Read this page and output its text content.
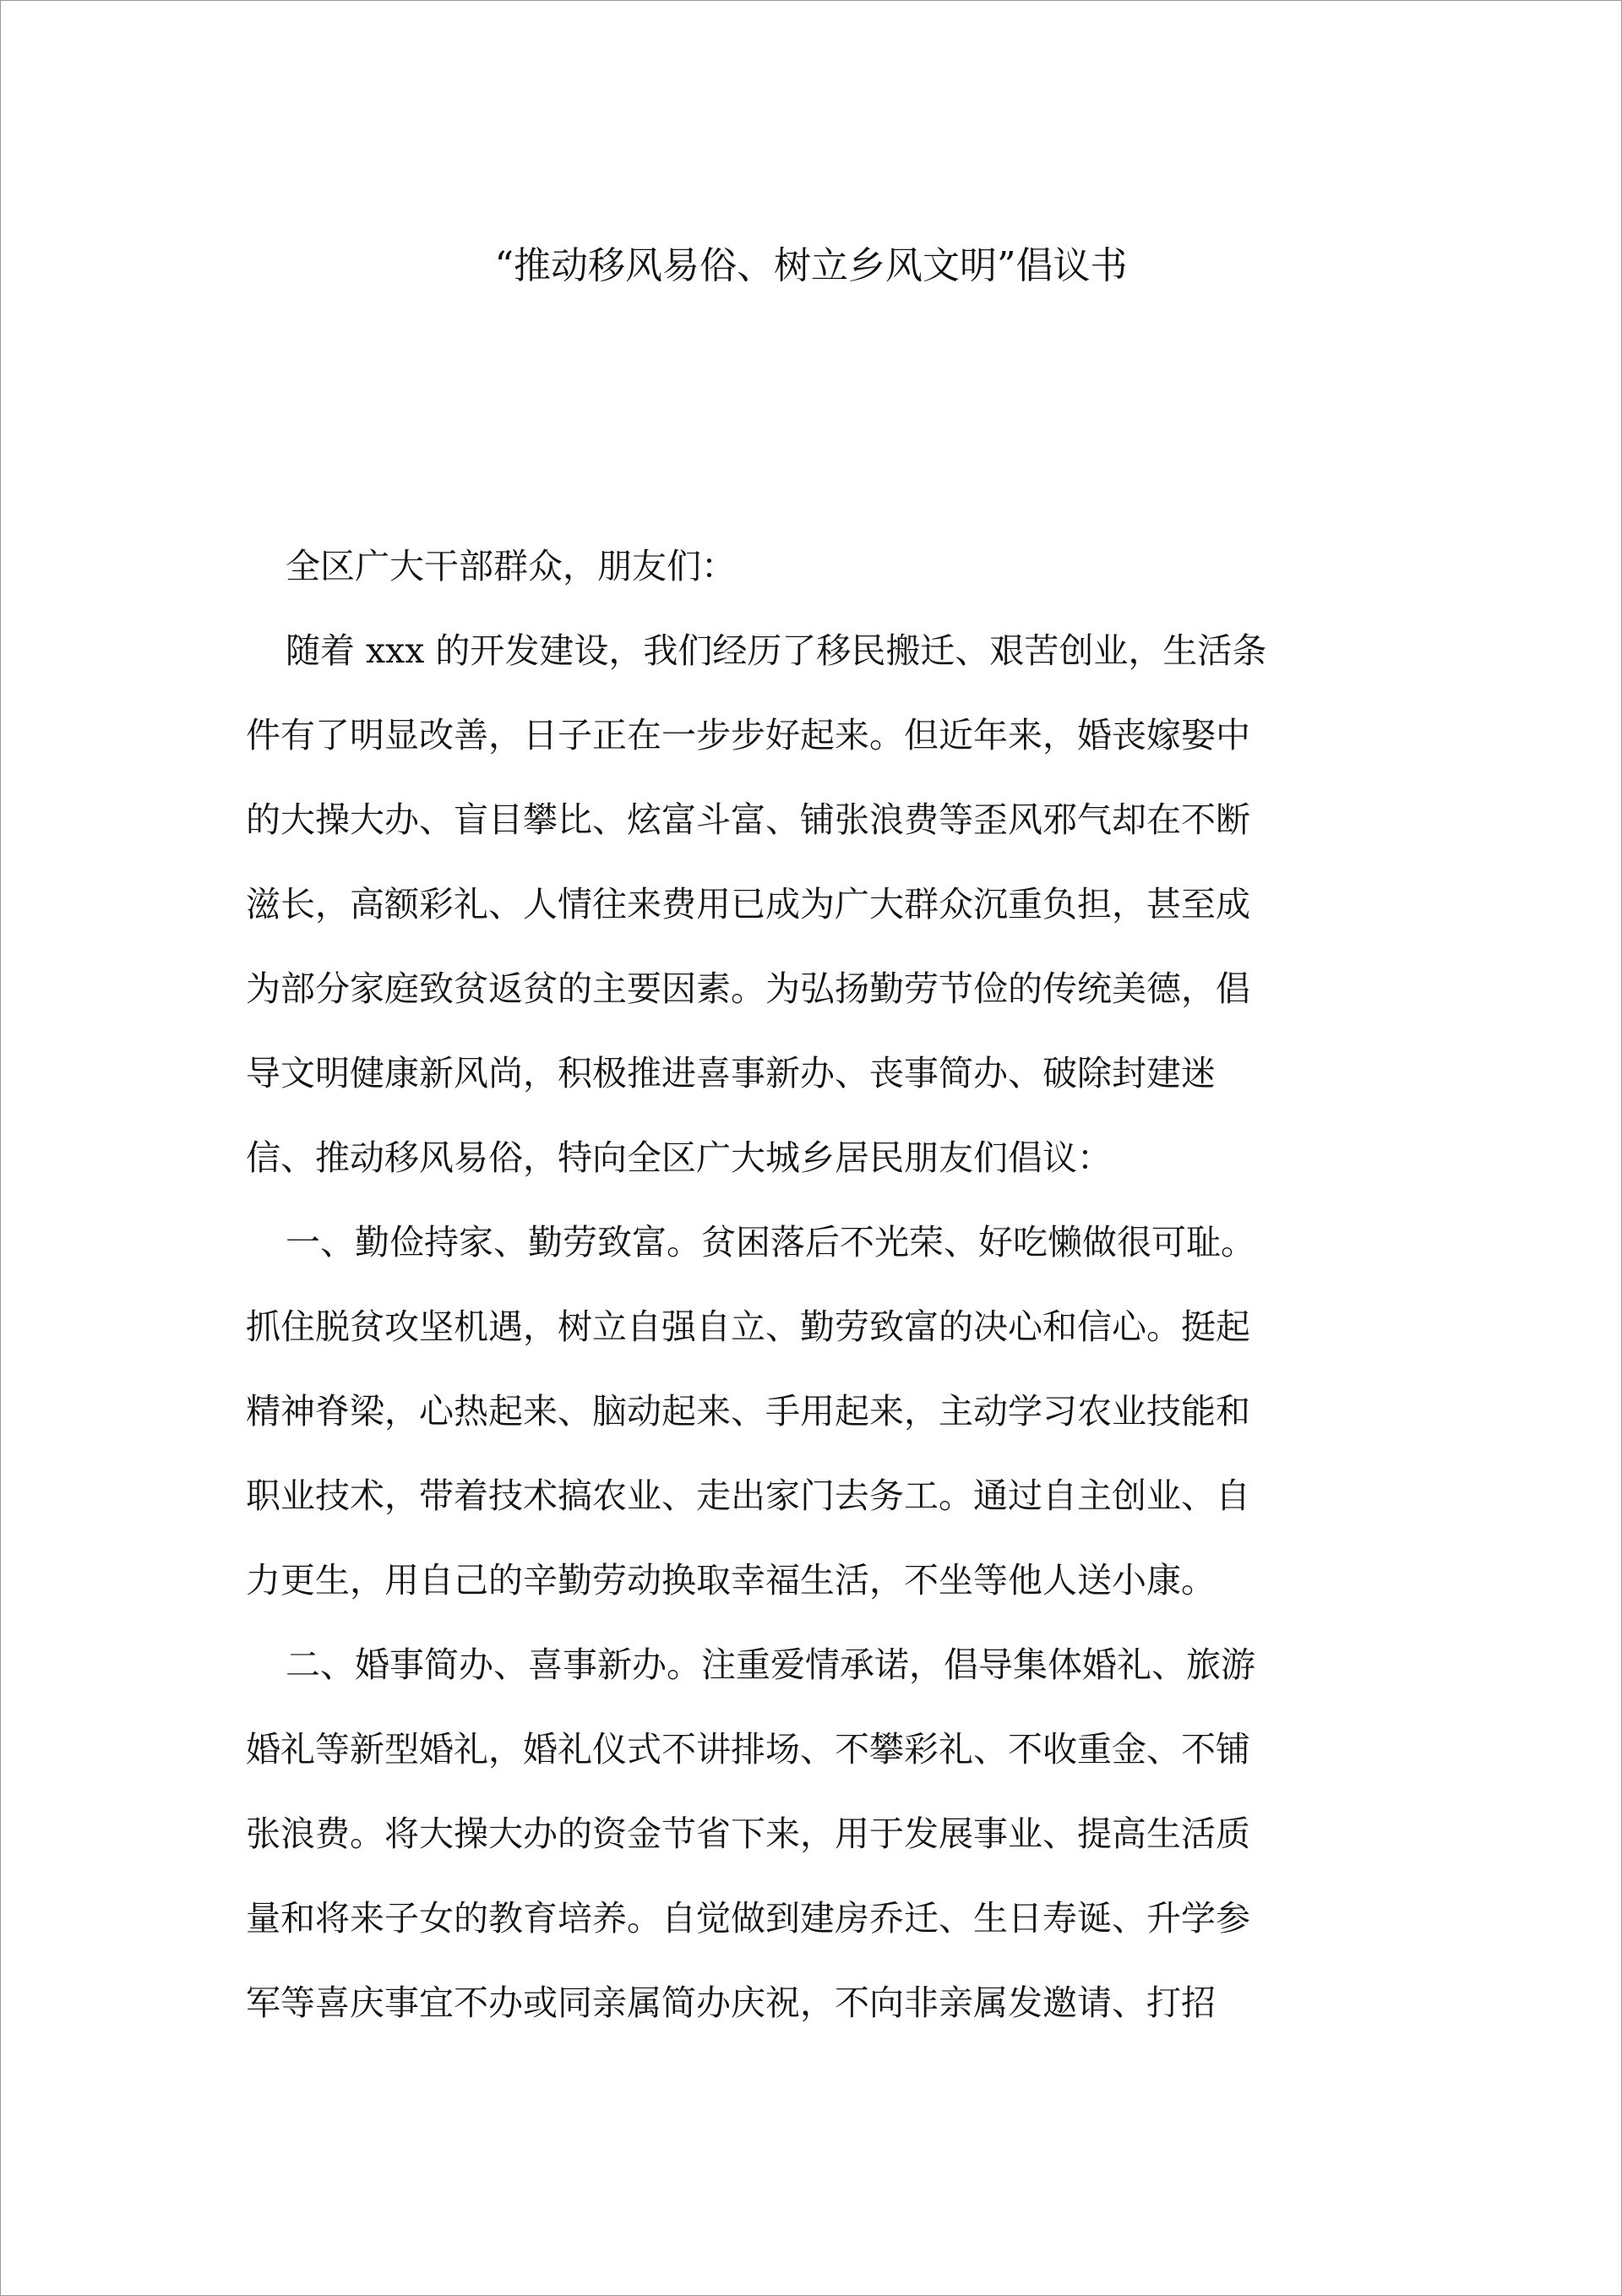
“推动移风易俗、树立乡风文明”倡议书
全区广大干部群众，朋友们：
随着 xxx 的开发建设，我们经历了移民搬迁、艰苦创业，生活条
件有了明显改善，日子正在一步步好起来。但近年来，婚丧嫁娶中
的大操大办、盲目攀比、炫富斗富、铺张浪费等歪风邪气却在不断
滋长，高额彩礼、人情往来费用已成为广大群众沉重负担，甚至成
为部分家庭致贫返贫的主要因素。为弘扬勤劳节俭的传统美德，倡
导文明健康新风尚，积极推进喜事新办、丧事简办、破除封建迷
信、推动移风易俗，特向全区广大城乡居民朋友们倡议：
一、勤俭持家、勤劳致富。贫困落后不光荣、好吃懒做很可耻。
抓住脱贫攻坚机遇，树立自强自立、勤劳致富的决心和信心。挺起
精神脊梁，心热起来、脑动起来、手用起来，主动学习农业技能和
职业技术，带着技术搞农业、走出家门去务工。通过自主创业、自
力更生，用自己的辛勤劳动换取幸福生活，不坐等他人送小康。
二、婚事简办、喜事新办。注重爱情承诺，倡导集体婚礼、旅游
婚礼等新型婚礼，婚礼仪式不讲排场、不攀彩礼、不收重金、不铺
张浪费。将大操大办的资金节省下来，用于发展事业、提高生活质
量和将来子女的教育培养。自觉做到建房乔迁、生日寿诞、升学参
军等喜庆事宜不办或同亲属简办庆祝，不向非亲属发邀请、打招
